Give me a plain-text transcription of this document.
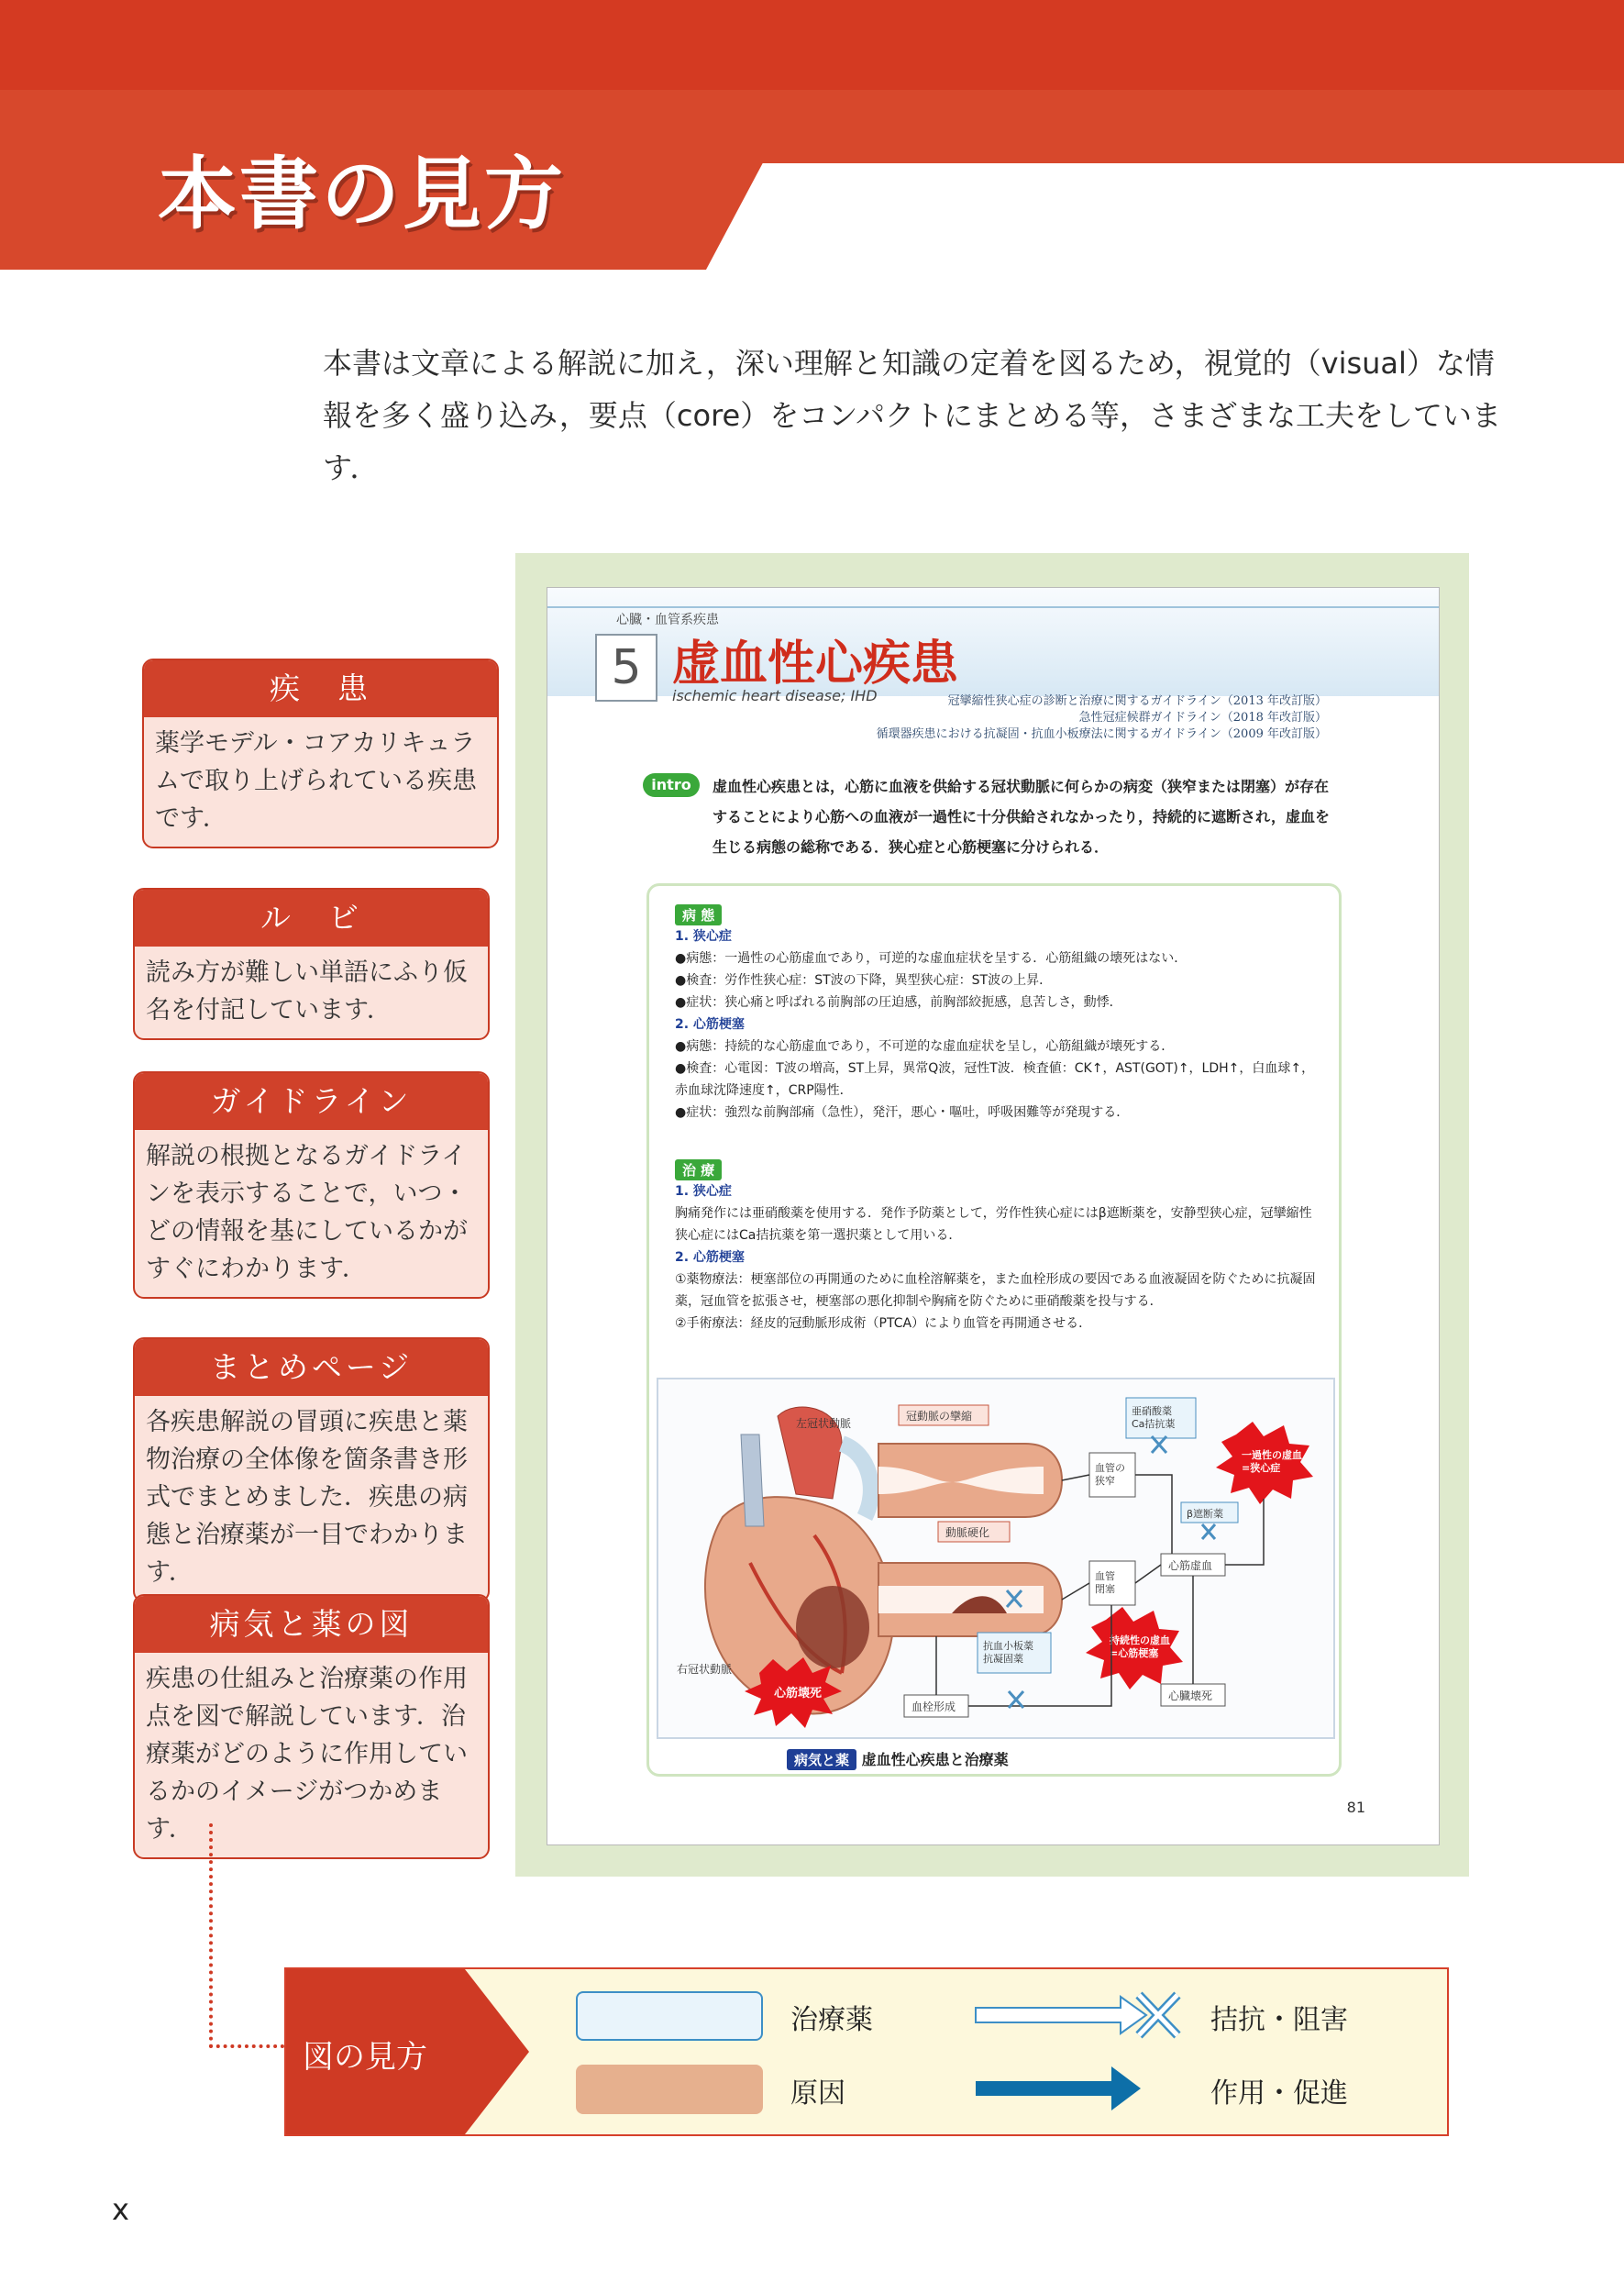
本書の見方
本書は文章による解説に加え，深い理解と知識の定着を図るため，視覚的（visual）な情報を多く盛り込み，要点（core）をコンパクトにまとめる等，さまざまな工夫をしています．
疾　患
薬学モデル・コアカリキュラムで取り上げられている疾患です．
ル　ビ
読み方が難しい単語にふり仮名を付記しています．
ガイドライン
解説の根拠となるガイドラインを表示することで，いつ・どの情報を基にしているかがすぐにわかります．
まとめページ
各疾患解説の冒頭に疾患と薬物治療の全体像を箇条書き形式でまとめました．疾患の病態と治療薬が一目でわかります．
病気と薬の図
疾患の仕組みと治療薬の作用点を図で解説しています．治療薬がどのように作用しているかのイメージがつかめます．
心臓・血管系疾患
5 虚血性心疾患
ischemic heart disease; IHD	冠攣縮性狭心症の診断と治療に関するガイドライン（2013 年改訂版）
急性冠症候群ガイドライン（2018 年改訂版）
循環器疾患における抗凝固・抗血小板療法に関するガイドライン（2009 年改訂版）
intro	虚血性心疾患とは，心筋に血液を供給する冠状動脈に何らかの病変（狭窄または閉塞）が存在することにより心筋への血液が一過性に十分供給されなかったり，持続的に遮断され，虚血を生じる病態の総称である．狭心症と心筋梗塞に分けられる．
病 態
1. 狭心症
●病態：一過性の心筋虚血であり，可逆的な虚血症状を呈する．心筋組織の壊死はない．
●検査：労作性狭心症：ST波の下降，異型狭心症：ST波の上昇．
●症状：狭心痛と呼ばれる前胸部の圧迫感，前胸部絞扼感，息苦しさ，動悸．
2. 心筋梗塞
●病態：持続的な心筋虚血であり，不可逆的な虚血症状を呈し，心筋組織が壊死する．
●検査：心電図：T波の増高，ST上昇，異常Q波，冠性T波．検査値：CK↑，AST(GOT)↑，LDH↑，白血球↑，赤血球沈降速度↑，CRP陽性．
●症状：強烈な前胸部痛（急性），発汗，悪心・嘔吐，呼吸困難等が発現する．
治 療
1. 狭心症
胸痛発作には亜硝酸薬を使用する．発作予防薬として，労作性狭心症にはβ遮断薬を，安静型狭心症，冠攣縮性狭心症にはCa拮抗薬を第一選択薬として用いる．
2. 心筋梗塞
①薬物療法：梗塞部位の再開通のために血栓溶解薬を，また血栓形成の要因である血液凝固を防ぐために抗凝固薬，冠血管を拡張させ，梗塞部の悪化抑制や胸痛を防ぐために亜硝酸薬を投与する．
②手術療法：経皮的冠動脈形成術（PTCA）により血管を再開通させる．
左冠状動脈
右冠状動脈
心筋壊死
冠動脈の攣縮
動脈硬化
血栓形成
血管の狭窄
血管閉塞
心筋虚血
心臓壊死
亜硝酸薬 Ca拮抗薬
β遮断薬
抗血小板薬抗凝固薬
一過性の虚血=狭心症
持続性の虚血=心筋梗塞
病気と薬 虚血性心疾患と治療薬
81
図の見方
治療薬
原因
拮抗・阻害
作用・促進
x
